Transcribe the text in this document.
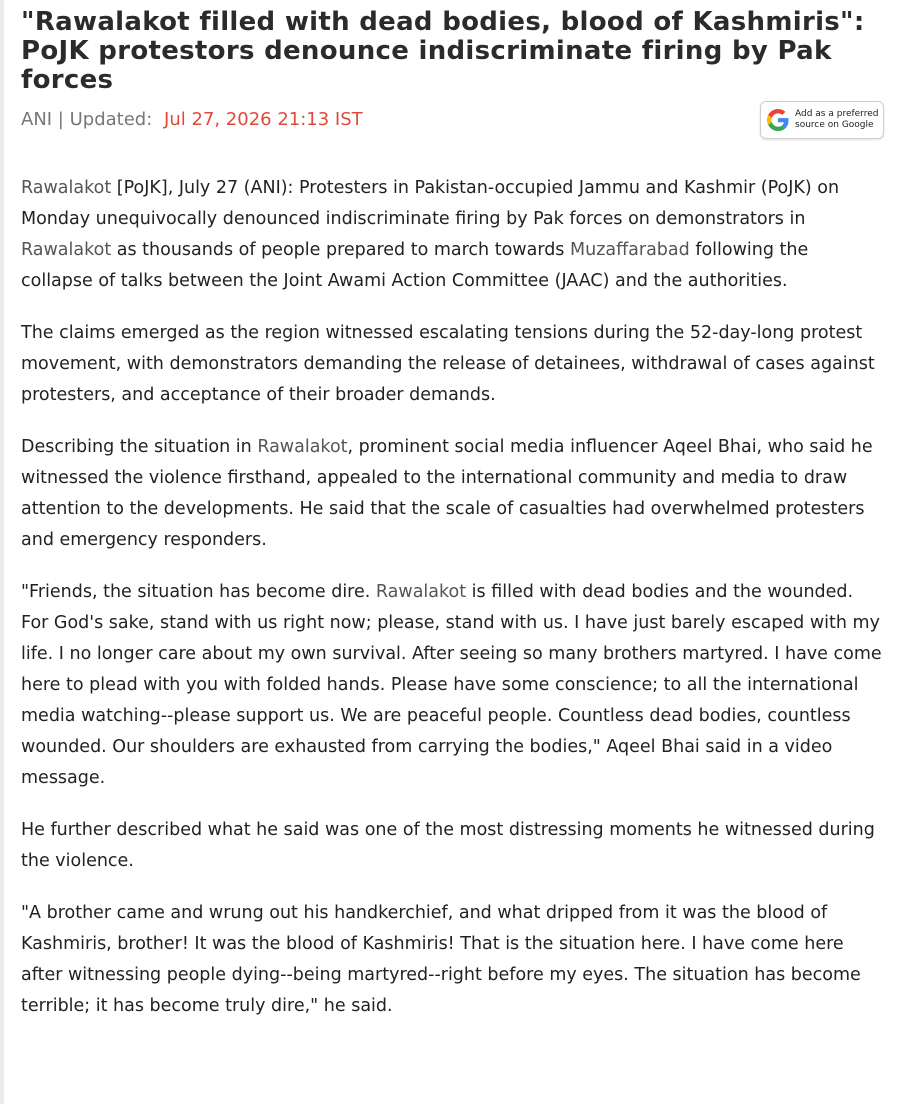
"Rawalakot filled with dead bodies, blood of Kashmiris": PoJK protestors denounce indiscriminate firing by Pak forces
ANI | Updated: Jul 27, 2026 21:13 IST	Add as a preferred
source on Google

Rawalakot [PoJK], July 27 (ANI): Protesters in Pakistan-occupied Jammu and Kashmir (PoJK) on Monday unequivocally denounced indiscriminate firing by Pak forces on demonstrators in Rawalakot as thousands of people prepared to march towards Muzaffarabad following the collapse of talks between the Joint Awami Action Committee (JAAC) and the authorities.

The claims emerged as the region witnessed escalating tensions during the 52-day-long protest movement, with demonstrators demanding the release of detainees, withdrawal of cases against protesters, and acceptance of their broader demands.

Describing the situation in Rawalakot, prominent social media influencer Aqeel Bhai, who said he witnessed the violence firsthand, appealed to the international community and media to draw attention to the developments. He said that the scale of casualties had overwhelmed protesters and emergency responders.

"Friends, the situation has become dire. Rawalakot is filled with dead bodies and the wounded. For God's sake, stand with us right now; please, stand with us. I have just barely escaped with my life. I no longer care about my own survival. After seeing so many brothers martyred. I have come here to plead with you with folded hands. Please have some conscience; to all the international media watching--please support us. We are peaceful people. Countless dead bodies, countless wounded. Our shoulders are exhausted from carrying the bodies," Aqeel Bhai said in a video message.

He further described what he said was one of the most distressing moments he witnessed during the violence.

"A brother came and wrung out his handkerchief, and what dripped from it was the blood of Kashmiris, brother! It was the blood of Kashmiris! That is the situation here. I have come here after witnessing people dying--being martyred--right before my eyes. The situation has become terrible; it has become truly dire," he said.
